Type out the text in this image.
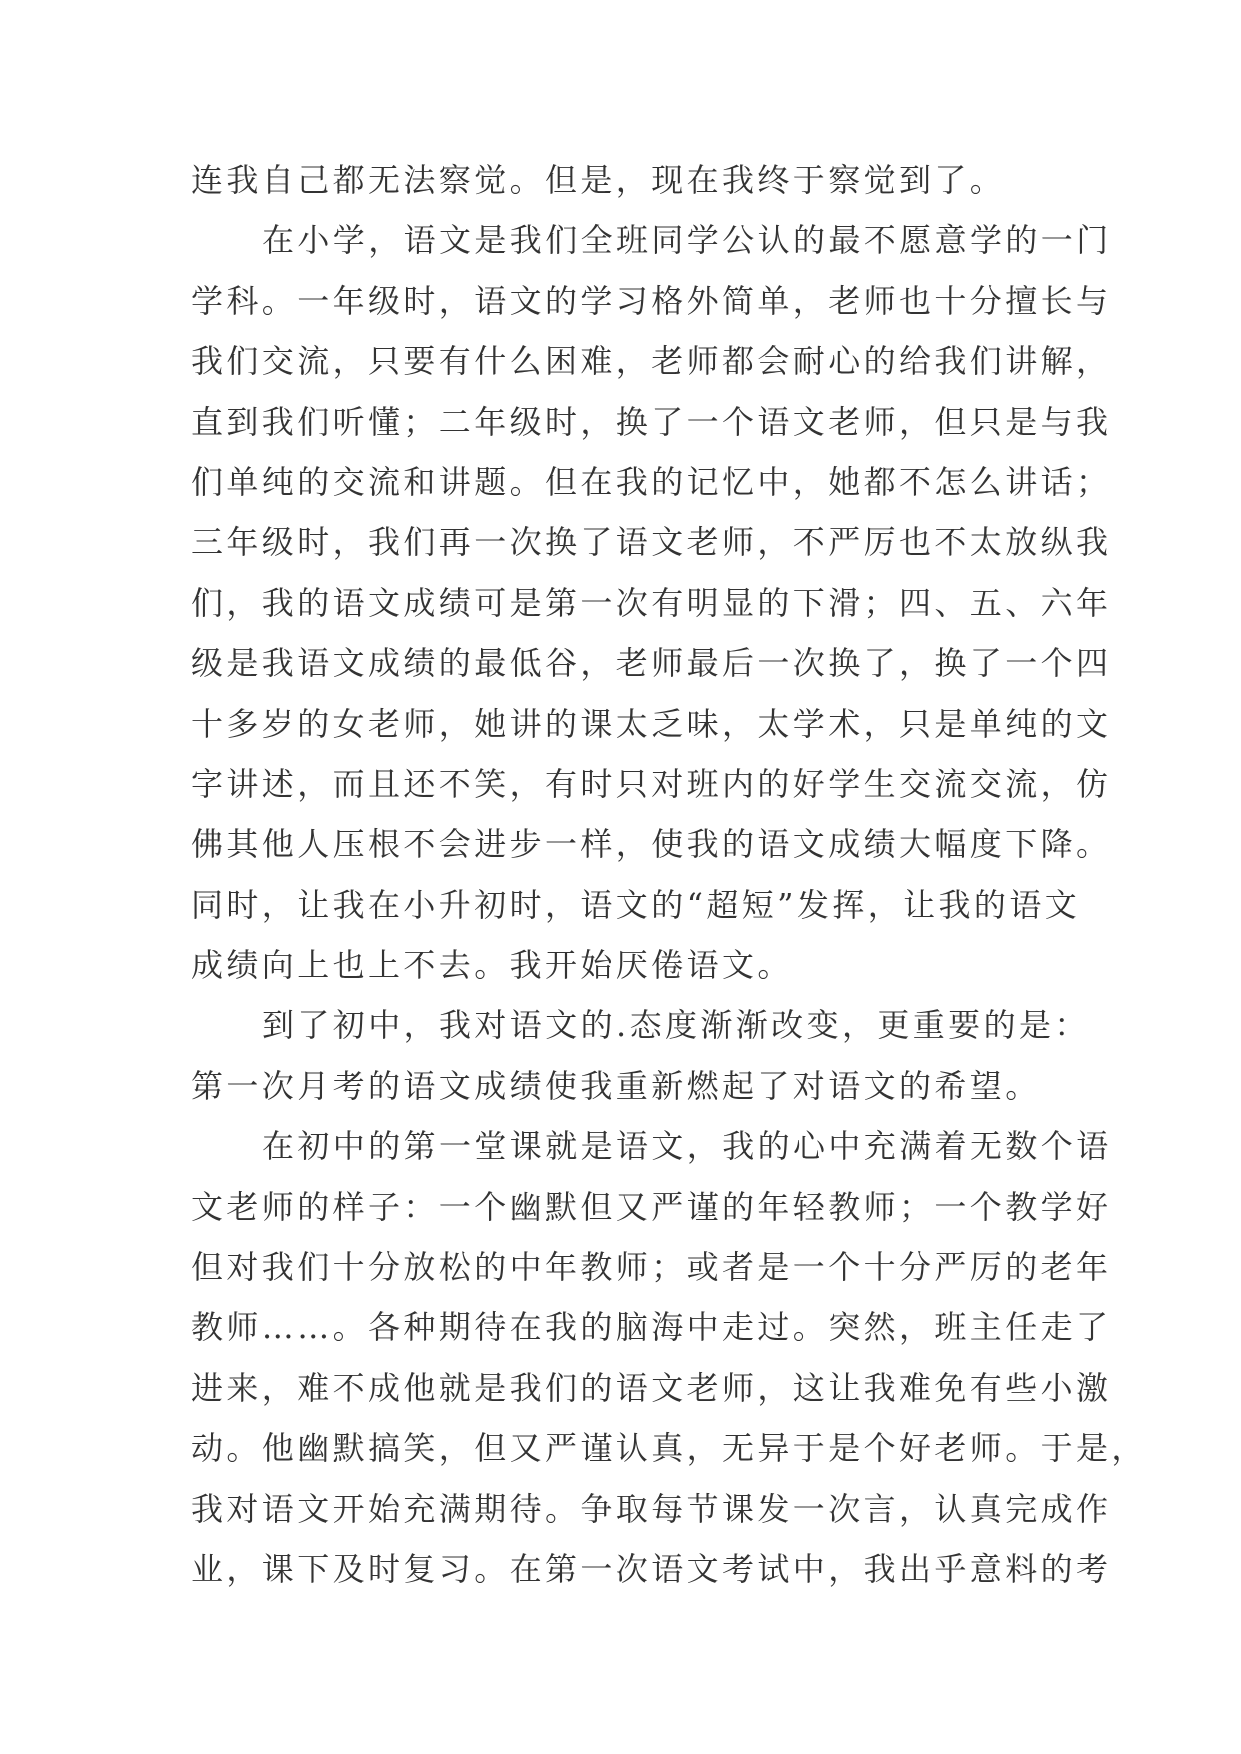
连我自己都无法察觉。但是，现在我终于察觉到了。
在小学，语文是我们全班同学公认的最不愿意学的一门
学科。一年级时，语文的学习格外简单，老师也十分擅长与
我们交流，只要有什么困难，老师都会耐心的给我们讲解，
直到我们听懂；二年级时，换了一个语文老师，但只是与我
们单纯的交流和讲题。但在我的记忆中，她都不怎么讲话；
三年级时，我们再一次换了语文老师，不严厉也不太放纵我
们，我的语文成绩可是第一次有明显的下滑；四、五、六年
级是我语文成绩的最低谷，老师最后一次换了，换了一个四
十多岁的女老师，她讲的课太乏味，太学术，只是单纯的文
字讲述，而且还不笑，有时只对班内的好学生交流交流，仿
佛其他人压根不会进步一样，使我的语文成绩大幅度下降。
同时，让我在小升初时，语文的“超短”发挥，让我的语文
成绩向上也上不去。我开始厌倦语文。
到了初中，我对语文的.态度渐渐改变，更重要的是：
第一次月考的语文成绩使我重新燃起了对语文的希望。
在初中的第一堂课就是语文，我的心中充满着无数个语
文老师的样子：一个幽默但又严谨的年轻教师；一个教学好
但对我们十分放松的中年教师；或者是一个十分严厉的老年
教师……。各种期待在我的脑海中走过。突然，班主任走了
进来，难不成他就是我们的语文老师，这让我难免有些小激
动。他幽默搞笑，但又严谨认真，无异于是个好老师。于是，
我对语文开始充满期待。争取每节课发一次言，认真完成作
业，课下及时复习。在第一次语文考试中，我出乎意料的考
